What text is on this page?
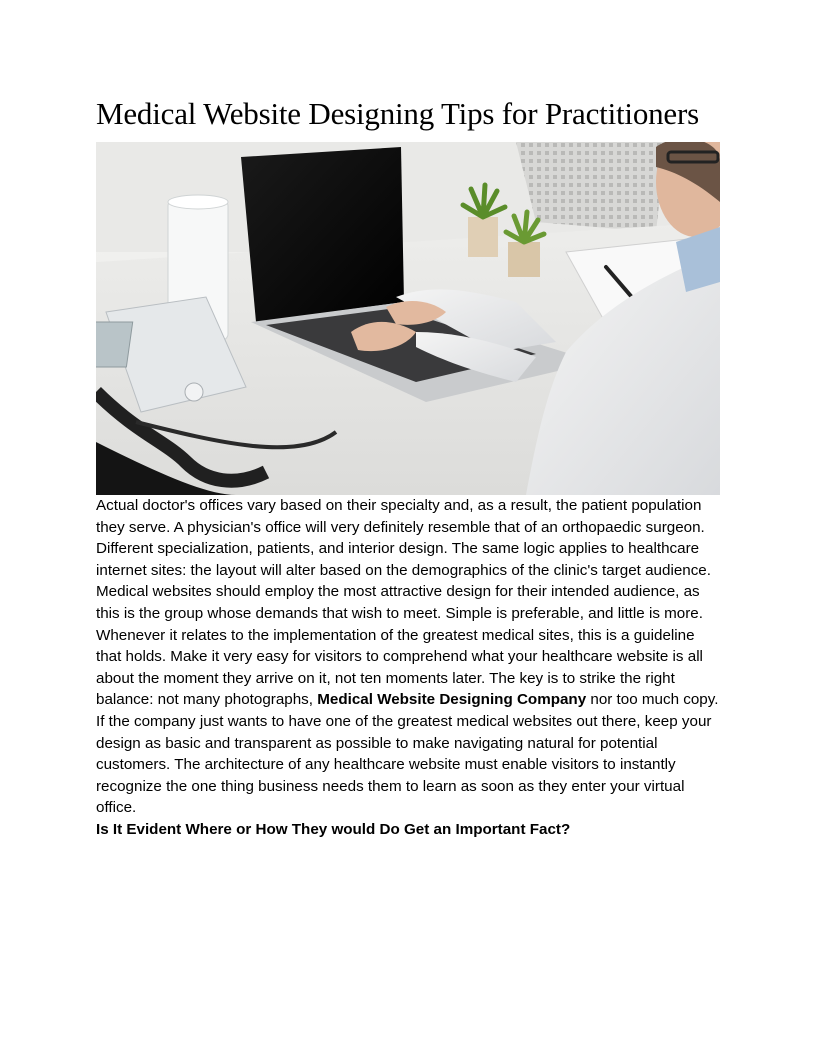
Medical Website Designing Tips for Practitioners

Actual doctor's offices vary based on their specialty and, as a result, the patient population they serve. A physician's office will very definitely resemble that of an orthopaedic surgeon. Different specialization, patients, and interior design. The same logic applies to healthcare internet sites: the layout will alter based on the demographics of the clinic's target audience.

Medical websites should employ the most attractive design for their intended audience, as this is the group whose demands that wish to meet. Simple is preferable, and little is more. Whenever it relates to the implementation of the greatest medical sites, this is a guideline that holds. Make it very easy for visitors to comprehend what your healthcare website is all about the moment they arrive on it, not ten moments later. The key is to strike the right balance: not many photographs, Medical Website Designing Company nor too much copy.

If the company just wants to have one of the greatest medical websites out there, keep your design as basic and transparent as possible to make navigating natural for potential customers. The architecture of any healthcare website must enable visitors to instantly recognize the one thing business needs them to learn as soon as they enter your virtual office.

Is It Evident Where or How They would Do Get an Important Fact?
